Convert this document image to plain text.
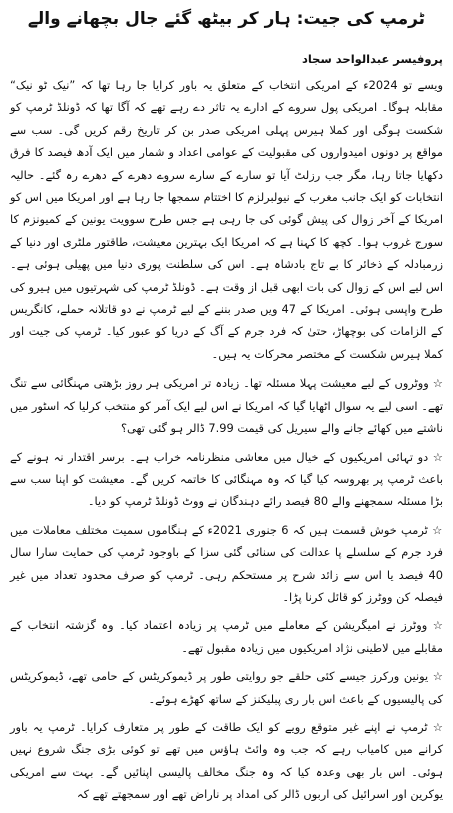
ٹرمپ کی جیت: ہار کر بیٹھ گئے جال بچھانے والے
پروفیسر عبدالواحد سجاد

ویسے تو 2024ء کے امریکی انتخاب کے متعلق یہ باور کرایا جا رہا تھا کہ ”نیک ٹو نیک“ مقابلہ ہوگا۔ امریکی پول سروے کے ادارے یہ تاثر دے رہے تھے کہ آگا تھا کہ ڈونلڈ ٹرمپ کو شکست ہوگی اور کملا ہیرس پہلی امریکی صدر بن کر تاریخ رقم کریں گی۔ سب سے مواقع پر دونوں امیدواروں کی مقبولیت کے عوامی اعداد و شمار میں ایک آدھ فیصد کا فرق دکھایا جاتا رہا، مگر جب رزلٹ آیا تو سارے کے سارے سروے دھرے کے دھرے رہ گئے۔ حالیہ انتخابات کو ایک جانب مغرب کے نیولبرلزم کا اختتام سمجھا جا رہا ہے اور امریکا میں اس کو امریکا کے آخر زوال کی پیش گوئی کی جا رہی ہے جس طرح سوویت یونین کے کمیونزم کا سورج غروب ہوا۔ کچھ کا کہنا ہے کہ امریکا ایک بہترین معیشت، طاقتور ملٹری اور دنیا کے زرمبادلہ کے ذخائر کا بے تاج بادشاہ ہے۔ اس کی سلطنت پوری دنیا میں پھیلی ہوئی ہے۔ اس لیے اس کے زوال کی بات ابھی قبل از وقت ہے۔ ڈونلڈ ٹرمپ کی شہرتیوں میں ہیرو کی طرح واپسی ہوئی۔ امریکا کے 47 ویں صدر بننے کے لیے ٹرمپ نے دو قاتلانہ حملے، کانگریس کے الزامات کی بوچھاڑ، حتیٰ کہ فرد جرم کے آگ کے دریا کو عبور کیا۔ ٹرمپ کی جیت اور کملا ہیرس شکست کے مختصر محرکات یہ ہیں۔

☆ ووٹروں کے لیے معیشت پہلا مسئلہ تھا۔ زیادہ تر امریکی ہر روز بڑھتی مہنگائی سے تنگ تھے۔ اسی لیے یہ سوال اٹھایا گیا کہ امریکا نے اس لیے ایک آمر کو منتخب کرلیا کہ اسٹور میں ناشتے میں کھائے جانے والے سیریل کی قیمت 7.99 ڈالر ہو گئی تھی؟

☆ دو تہائی امریکیوں کے خیال میں معاشی منظرنامہ خراب ہے۔ برسر اقتدار نہ ہونے کے باعث ٹرمپ پر بھروسہ کیا گیا کہ وہ مہنگائی کا خاتمہ کریں گے۔ معیشت کو اپنا سب سے بڑا مسئلہ سمجھنے والے 80 فیصد رائے دہندگان نے ووٹ ڈونلڈ ٹرمپ کو دیا۔

☆ ٹرمپ خوش قسمت ہیں کہ 6 جنوری 2021ء کے ہنگاموں سمیت مختلف معاملات میں فرد جرم کے سلسلے پا عدالت کی سنائی گئی سزا کے باوجود ٹرمپ کی حمایت سارا سال 40 فیصد یا اس سے زائد شرح پر مستحکم رہی۔ ٹرمپ کو صرف محدود تعداد میں غیر فیصلہ کن ووٹرز کو قائل کرنا پڑا۔

☆ ووٹرز نے امیگریشن کے معاملے میں ٹرمپ پر زیادہ اعتماد کیا۔ وہ گزشتہ انتخاب کے مقابلے میں لاطینی نژاد امریکیوں میں زیادہ مقبول تھے۔

☆ یونین ورکرز جیسے کئی حلقے جو روایتی طور پر ڈیموکریٹس کے حامی تھے، ڈیموکریٹس کی پالیسیوں کے باعث اس بار ری پبلیکنز کے ساتھ کھڑے ہوئے۔

☆ ٹرمپ نے اپنے غیر متوقع رویے کو ایک طاقت کے طور پر متعارف کرایا۔ ٹرمپ یہ باور کرانے میں کامیاب رہے کہ جب وہ وائٹ ہاؤس میں تھے تو کوئی بڑی جنگ شروع نہیں ہوئی۔ اس بار بھی وعدہ کیا کہ وہ جنگ مخالف پالیسی اپنائیں گے۔ بہت سے امریکی یوکرین اور اسرائیل کی اربوں ڈالر کی امداد پر ناراض تھے اور سمجھتے تھے کہ
